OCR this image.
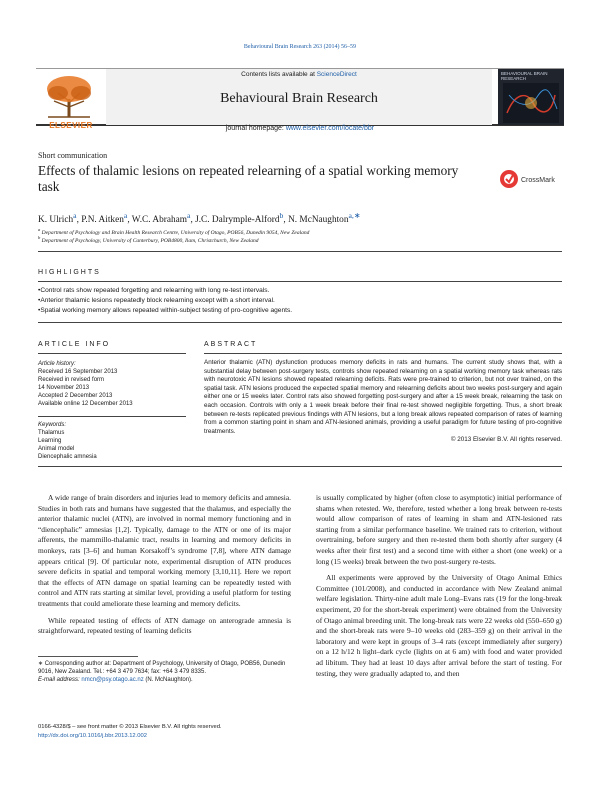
Behavioural Brain Research 263 (2014) 56–59
ELSEVIER
Contents lists available at ScienceDirect
Behavioural Brain Research
BEHAVIOURAL BRAIN RESEARCH
journal homepage: www.elsevier.com/locate/bbr
Short communication
Effects of thalamic lesions on repeated relearning of a spatial working memory task	CrossMark
K. Ulrich$^a$, P.N. Aitken$^a$, W.C. Abraham$^a$, J.C. Dalrymple-Alford$^b$, N. McNaughton$^{a,∗}$
$^a$ Department of Psychology and Brain Health Research Centre, University of Otago, POB56, Dunedin 9054, New Zealand
$^b$ Department of Psychology, University of Canterbury, POB4800, Ilam, Christchurch, New Zealand
HIGHLIGHTS
• Control rats show repeated forgetting and relearning with long re-test intervals.
• Anterior thalamic lesions repeatedly block relearning except with a short interval.
• Spatial working memory allows repeated within-subject testing of pro-cognitive agents.
ARTICLE INFO
Article history:
Received 16 September 2013
Received in revised form
14 November 2013
Accepted 2 December 2013
Available online 12 December 2013
Keywords:
Thalamus
Learning
Animal model
Diencephalic amnesia
ABSTRACT
Anterior thalamic (ATN) dysfunction produces memory deficits in rats and humans. The current study shows that, with a substantial delay between post-surgery tests, controls show repeated relearning on a spatial working memory task whereas rats with neurotoxic ATN lesions showed repeated relearning deficits. Rats were pre-trained to criterion, but not over trained, on the spatial task. ATN lesions produced the expected spatial memory and relearning deficits about two weeks post-surgery and again either one or 15 weeks later. Control rats also showed forgetting post-surgery and after a 15 week break, relearning the task on each occasion. Controls with only a 1 week break before their final re-test showed negligible forgetting. Thus, a short break between re-tests replicated previous findings with ATN lesions, but a long break allows repeated comparison of rates of learning from a common starting point in sham and ATN-lesioned animals, providing a useful paradigm for future testing of pro-cognitive treatments.
© 2013 Elsevier B.V. All rights reserved.

A wide range of brain disorders and injuries lead to memory deficits and amnesia. Studies in both rats and humans have suggested that the thalamus, and especially the anterior thalamic nuclei (ATN), are involved in normal memory functioning and in “diencephalic” amnesias [1,2]. Typically, damage to the ATN or one of its major afferents, the mammillo-thalamic tract, results in learning and memory deficits in monkeys, rats [3–6] and human Korsakoff’s syndrome [7,8], where ATN damage appears critical [9]. Of particular note, experimental disruption of ATN produces severe deficits in spatial and temporal working memory [3,10,11]. Here we report that the effects of ATN damage on spatial learning can be repeatedly tested with control and ATN rats starting at similar level, providing a useful platform for testing treatments that could ameliorate these learning and memory deficits.

While repeated testing of effects of ATN damage on anterograde amnesia is straightforward, repeated testing of learning deficits

is usually complicated by higher (often close to asymptotic) initial performance of shams when retested. We, therefore, tested whether a long break between re-tests would allow comparison of rates of learning in sham and ATN-lesioned rats starting from a similar performance baseline. We trained rats to criterion, without overtraining, before surgery and then re-tested them both shortly after surgery (4 weeks after their first test) and a second time with either a short (one week) or a long (15 weeks) break between the two post-surgery re-tests.

All experiments were approved by the University of Otago Animal Ethics Committee (101/2008), and conducted in accordance with New Zealand animal welfare legislation. Thirty-nine adult male Long–Evans rats (19 for the long-break experiment, 20 for the short-break experiment) were obtained from the University of Otago animal breeding unit. The long-break rats were 22 weeks old (550–650 g) and the short-break rats were 9–10 weeks old (283–359 g) on their arrival in the laboratory and were kept in groups of 3–4 rats (except immediately after surgery) on a 12 h/12 h light–dark cycle (lights on at 6 am) with food and water provided ad libitum. They had at least 10 days after arrival before the start of testing. For testing, they were gradually adapted to, and then

∗ Corresponding author at: Department of Psychology, University of Otago, POB56, Dunedin 9016, New Zealand. Tel.: +64 3 479 7634; fax: +64 3 479 8335.
E-mail address: nmcn@psy.otago.ac.nz (N. McNaughton).
0166-4328/$ – see front matter © 2013 Elsevier B.V. All rights reserved.
http://dx.doi.org/10.1016/j.bbr.2013.12.002
